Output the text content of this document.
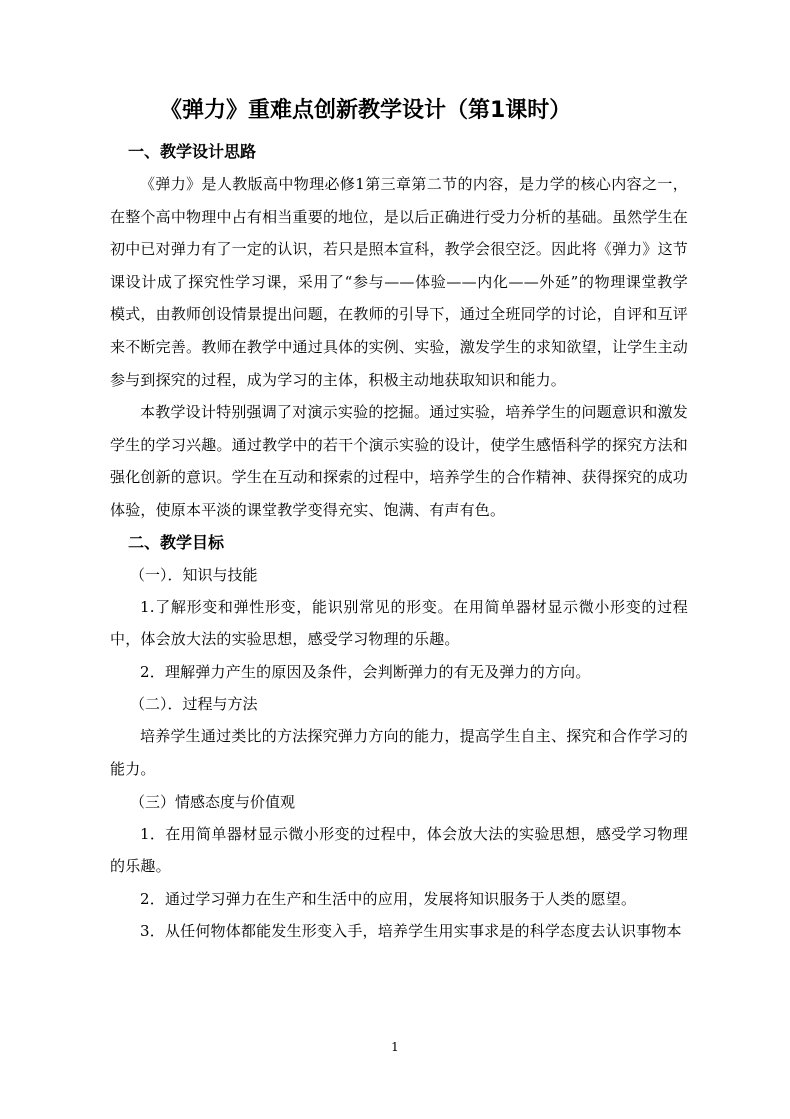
《弹力》重难点创新教学设计（第1课时）
一、教学设计思路

《弹力》是人教版高中物理必修1第三章第二节的内容，是力学的核心内容之一，在整个高中物理中占有相当重要的地位，是以后正确进行受力分析的基础。虽然学生在初中已对弹力有了一定的认识，若只是照本宣科，教学会很空泛。因此将《弹力》这节课设计成了探究性学习课，采用了“参与——体验——内化——外延”的物理课堂教学模式，由教师创设情景提出问题，在教师的引导下，通过全班同学的讨论，自评和互评来不断完善。教师在教学中通过具体的实例、实验，激发学生的求知欲望，让学生主动参与到探究的过程，成为学习的主体，积极主动地获取知识和能力。

本教学设计特别强调了对演示实验的挖掘。通过实验，培养学生的问题意识和激发学生的学习兴趣。通过教学中的若干个演示实验的设计，使学生感悟科学的探究方法和强化创新的意识。学生在互动和探索的过程中，培养学生的合作精神、获得探究的成功体验，使原本平淡的课堂教学变得充实、饱满、有声有色。

二、教学目标
（一）．知识与技能

1.了解形变和弹性形变，能识别常见的形变。在用简单器材显示微小形变的过程中，体会放大法的实验思想，感受学习物理的乐趣。

2．理解弹力产生的原因及条件，会判断弹力的有无及弹力的方向。

（二）．过程与方法

培养学生通过类比的方法探究弹力方向的能力，提高学生自主、探究和合作学习的能力。

（三）情感态度与价值观

1．在用简单器材显示微小形变的过程中，体会放大法的实验思想，感受学习物理的乐趣。

2．通过学习弹力在生产和生活中的应用，发展将知识服务于人类的愿望。

3．从任何物体都能发生形变入手，培养学生用实事求是的科学态度去认识事物本

1
